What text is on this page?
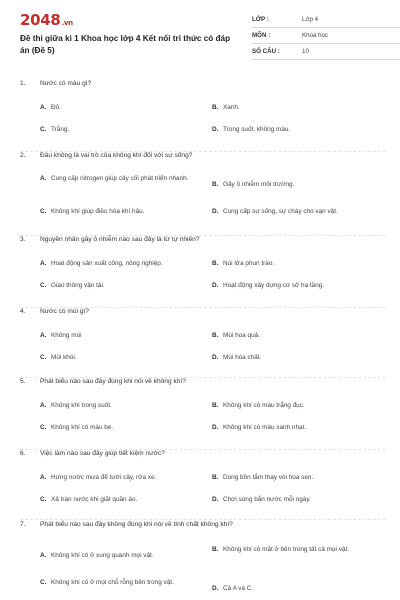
2048.vn
Đề thi giữa kì 1 Khoa học lớp 4 Kết nối tri thức có đáp án (Đề 5)
LỚP :	Lớp 4
MÔN :	Khoa học
SỐ CÂU :	10
1. Nước có màu gì?
A. Đỏ.	B. Xanh.
C. Trắng.	D. Trong suốt, không màu.
2. Đâu không là vai trò của không khí đối với sự sống?
A. Cung cấp nitrogen giúp cây cối phát triển nhanh.
B. Gây ô nhiễm môi trường.
C. Không khí giúp điều hòa khí hậu.	D. Cung cấp sự sống, sự cháy cho vạn vật.
3. Nguyên nhân gây ô nhiễm nào sau đây là từ tự nhiên?
A. Hoạt động sản xuất công, nông nghiệp.	B. Núi lửa phun trào.
C. Giao thông vận tải.	D. Hoạt động xây dựng cơ sở hạ tầng.
4. Nước có mùi gì?
A. Không mùi	B. Mùi hoa quả.
C. Mùi khói.	D. Mùi hóa chất.
5. Phát biểu nào sau đây đúng khi nói về không khí?
A. Không khí trong suốt.	B. Không khí có màu trắng đục.
C. Không khí có màu be.	D. Không khí có màu xanh nhạt.
6. Việc làm nào sau đây giúp tiết kiệm nước?
A. Hứng nước mưa để tưới cây, rửa xe.	B. Dùng bồn tắm thay vòi hoa sen.
C. Xả tràn nước khi giặt quần áo.	D. Chơi súng bắn nước mỗi ngày.
7. Phát biểu nào sau đây không đúng khi nói về tính chất không khí?
A. Không khí có ở xung quanh mọi vật.
B. Không khí có mặt ở bên trong tất cả mọi vật.
C. Không khí có ở mọi chỗ rỗng bên trong vật.
D. Cả A và C.
